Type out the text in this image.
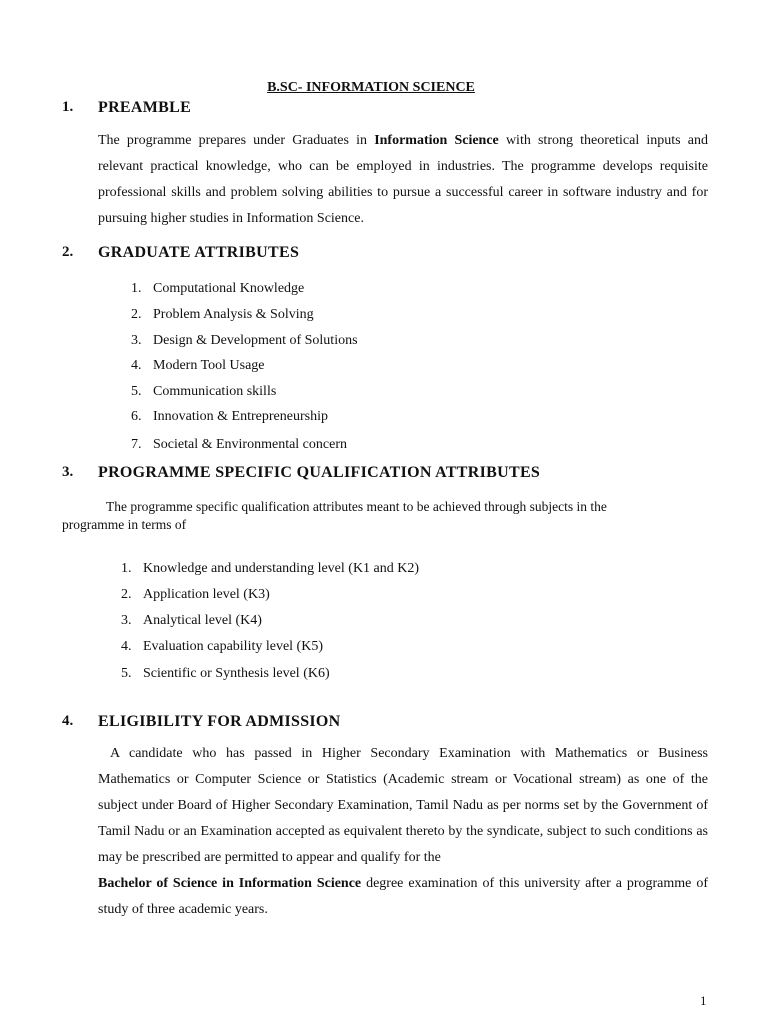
B.SC- INFORMATION SCIENCE
1. PREAMBLE
The programme prepares under Graduates in Information Science with strong theoretical inputs and relevant practical knowledge, who can be employed in industries. The programme develops requisite professional skills and problem solving abilities to pursue a successful career in software industry and for pursuing higher studies in Information Science.
2. GRADUATE ATTRIBUTES
1. Computational Knowledge
2. Problem Analysis & Solving
3. Design & Development of Solutions
4. Modern Tool Usage
5. Communication skills
6. Innovation & Entrepreneurship
7. Societal & Environmental concern
3. PROGRAMME SPECIFIC QUALIFICATION ATTRIBUTES
The programme specific qualification attributes meant to be achieved through subjects in the
programme in terms of
1. Knowledge and understanding level (K1 and K2)
2. Application level (K3)
3. Analytical level (K4)
4. Evaluation capability level (K5)
5. Scientific or Synthesis level (K6)
4. ELIGIBILITY FOR ADMISSION
A candidate who has passed in Higher Secondary Examination with Mathematics or Business Mathematics or Computer Science or Statistics (Academic stream or Vocational stream) as one of the subject under Board of Higher Secondary Examination, Tamil Nadu as per norms set by the Government of Tamil Nadu or an Examination accepted as equivalent thereto by the syndicate, subject to such conditions as may be prescribed are permitted to appear and qualify for the
Bachelor of Science in Information Science degree examination of this university after a programme of study of three academic years.
1
